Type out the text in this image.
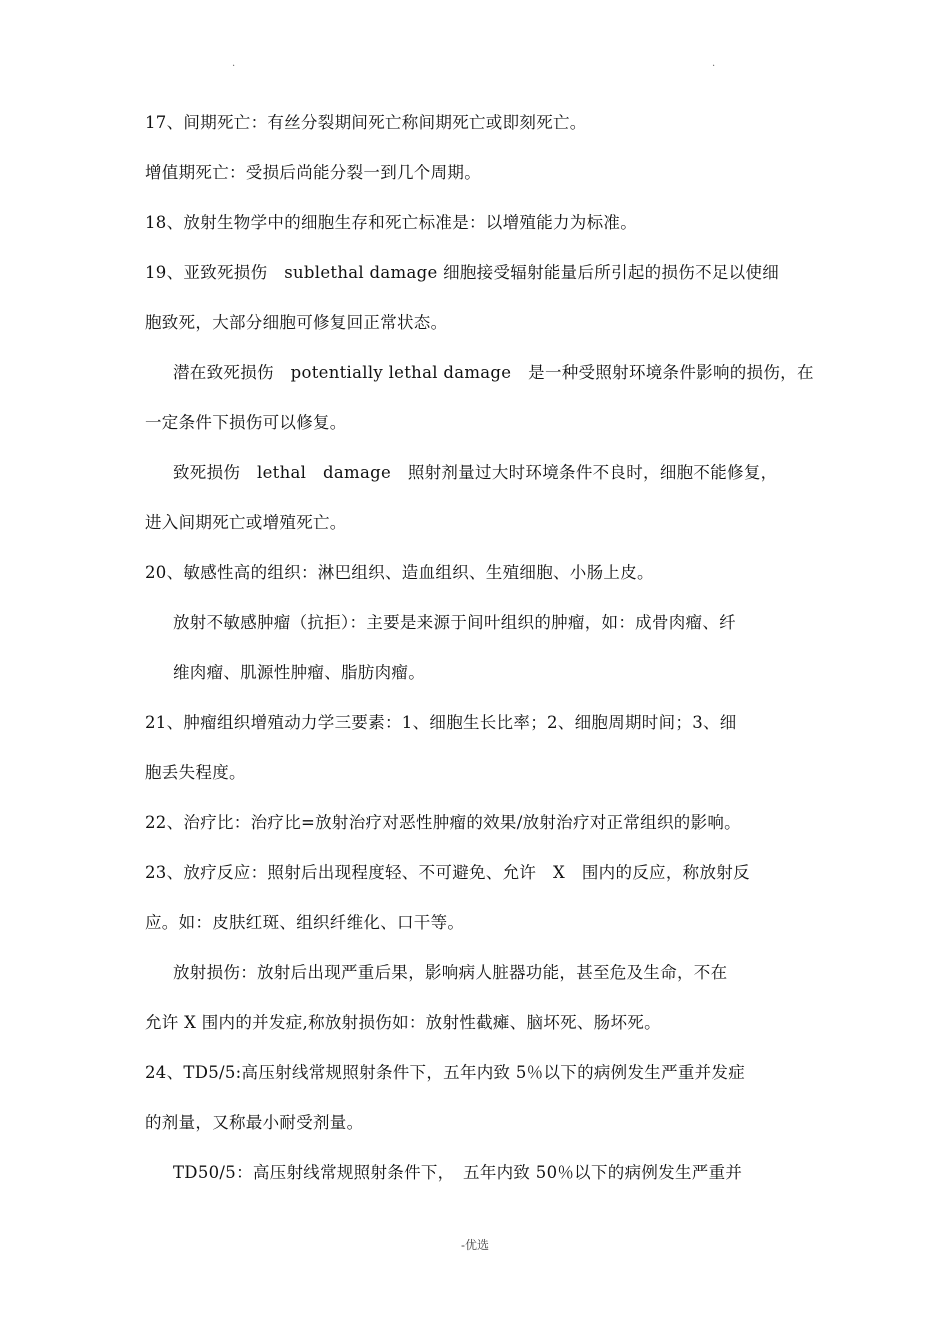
.	.
17、间期死亡：有丝分裂期间死亡称间期死亡或即刻死亡。
增值期死亡：受损后尚能分裂一到几个周期。
18、放射生物学中的细胞生存和死亡标准是：以增殖能力为标准。
19、亚致死损伤　sublethal damage 细胞接受辐射能量后所引起的损伤不足以使细
胞致死，大部分细胞可修复回正常状态。
潜在致死损伤　potentially lethal damage　是一种受照射环境条件影响的损伤，在
一定条件下损伤可以修复。
致死损伤　lethal　damage　照射剂量过大时环境条件不良时，细胞不能修复，
进入间期死亡或增殖死亡。
20、敏感性高的组织：淋巴组织、造血组织、生殖细胞、小肠上皮。
放射不敏感肿瘤（抗拒）：主要是来源于间叶组织的肿瘤，如：成骨肉瘤、纤
维肉瘤、肌源性肿瘤、脂肪肉瘤。
21、肿瘤组织增殖动力学三要素：1、细胞生长比率；2、细胞周期时间；3、细
胞丢失程度。
22、治疗比：治疗比=放射治疗对恶性肿瘤的效果/放射治疗对正常组织的影响。
23、放疗反应：照射后出现程度轻、不可避免、允许　X　围内的反应，称放射反
应。如：皮肤红斑、组织纤维化、口干等。
放射损伤：放射后出现严重后果，影响病人脏器功能，甚至危及生命，不在
允许 X 围内的并发症,称放射损伤如：放射性截瘫、脑坏死、肠坏死。
24、TD5/5:高压射线常规照射条件下，五年内致 5％以下的病例发生严重并发症
的剂量，又称最小耐受剂量。
TD50/5：高压射线常规照射条件下，　五年内致 50％以下的病例发生严重并
-优选
